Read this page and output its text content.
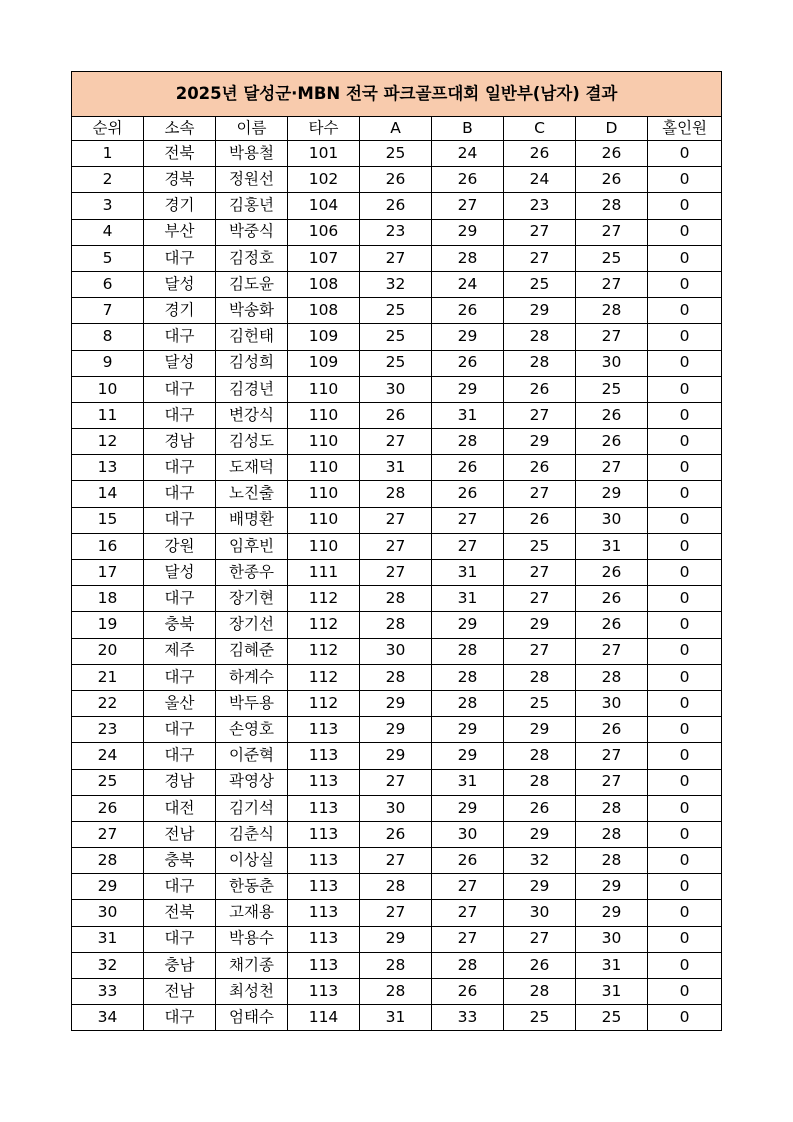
2025년 달성군·MBN 전국 파크골프대회 일반부(남자) 결과								
순위	소속	이름	타수	A	B	C	D	홀인원
1	전북	박용철	101	25	24	26	26	0
2	경북	정원선	102	26	26	24	26	0
3	경기	김홍년	104	26	27	23	28	0
4	부산	박중식	106	23	29	27	27	0
5	대구	김정호	107	27	28	27	25	0
6	달성	김도윤	108	32	24	25	27	0
7	경기	박송화	108	25	26	29	28	0
8	대구	김헌태	109	25	29	28	27	0
9	달성	김성희	109	25	26	28	30	0
10	대구	김경년	110	30	29	26	25	0
11	대구	변강식	110	26	31	27	26	0
12	경남	김성도	110	27	28	29	26	0
13	대구	도재덕	110	31	26	26	27	0
14	대구	노진출	110	28	26	27	29	0
15	대구	배명환	110	27	27	26	30	0
16	강원	임후빈	110	27	27	25	31	0
17	달성	한종우	111	27	31	27	26	0
18	대구	장기현	112	28	31	27	26	0
19	충북	장기선	112	28	29	29	26	0
20	제주	김혜준	112	30	28	27	27	0
21	대구	하계수	112	28	28	28	28	0
22	울산	박두용	112	29	28	25	30	0
23	대구	손영호	113	29	29	29	26	0
24	대구	이준혁	113	29	29	28	27	0
25	경남	곽영상	113	27	31	28	27	0
26	대전	김기석	113	30	29	26	28	0
27	전남	김춘식	113	26	30	29	28	0
28	충북	이상실	113	27	26	32	28	0
29	대구	한동춘	113	28	27	29	29	0
30	전북	고재용	113	27	27	30	29	0
31	대구	박용수	113	29	27	27	30	0
32	충남	채기종	113	28	28	26	31	0
33	전남	최성천	113	28	26	28	31	0
34	대구	엄태수	114	31	33	25	25	0
